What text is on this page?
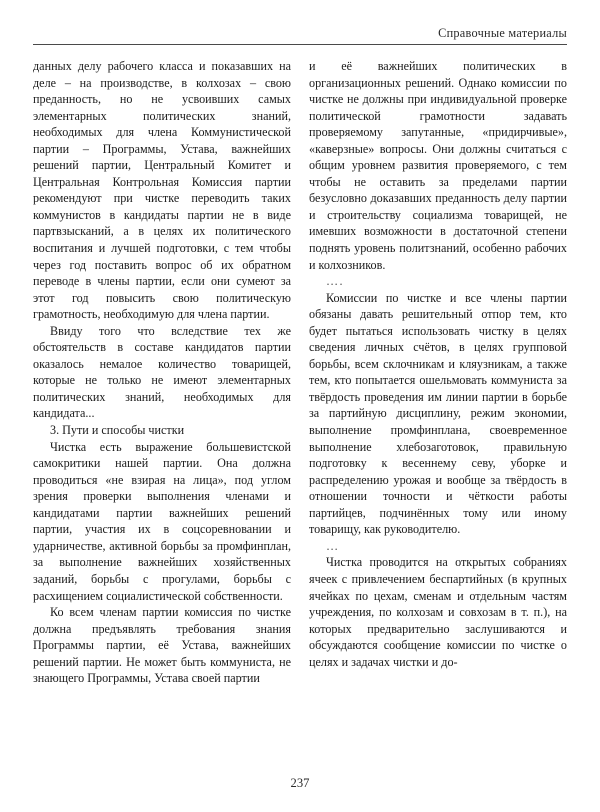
Справочные материалы

данных делу рабочего класса и показавших на деле – на производстве, в колхозах – свою преданность, но не усвоивших самых элементарных политических знаний, необходимых для члена Коммунистической партии – Программы, Устава, важнейших решений партии, Центральный Комитет и Центральная Контрольная Комиссия партии рекомендуют при чистке переводить таких коммунистов в кандидаты партии не в виде партвзысканий, а в целях их политического воспитания и лучшей подготовки, с тем чтобы через год поставить вопрос об их обратном переводе в члены партии, если они сумеют за этот год повысить свою политическую грамотность, необходимую для члена партии.

Ввиду того что вследствие тех же обстоятельств в составе кандидатов партии оказалось немалое количество товарищей, которые не только не имеют элементарных политических знаний, необходимых для кандидата...

3. Пути и способы чистки

Чистка есть выражение большевистской самокритики нашей партии. Она должна проводиться «не взирая на лица», под углом зрения проверки выполнения членами и кандидатами партии важнейших решений партии, участия их в соцсоревновании и ударничестве, активной борьбы за промфинплан, за выполнение важнейших хозяйственных заданий, борьбы с прогулами, борьбы с расхищением социалистической собственности.

Ко всем членам партии комиссия по чистке должна предъявлять требования знания Программы партии, её Устава, важнейших решений партии. Не может быть коммуниста, не знающего Программы, Устава своей партии

и её важнейших политических в организационных решений. Однако комиссии по чистке не должны при индивидуальной проверке политической грамотности задавать проверяемому запутанные, «придирчивые», «каверзные» вопросы. Они должны считаться с общим уровнем развития проверяемого, с тем чтобы не оставить за пределами партии безусловно доказавших преданность делу партии и строительству социализма товарищей, не имевших возможности в достаточной степени поднять уровень политзнаний, особенно рабочих и колхозников.

….

Комиссии по чистке и все члены партии обязаны давать решительный отпор тем, кто будет пытаться использовать чистку в целях сведения личных счётов, в целях групповой борьбы, всем склочникам и кляузникам, а также тем, кто попытается ошельмовать коммуниста за твёрдость проведения им линии партии в борьбе за партийную дисциплину, режим экономии, выполнение промфинплана, своевременное выполнение хлебозаготовок, правильную подготовку к весеннему севу, уборке и распределению урожая и вообще за твёрдость в отношении точности и чёткости работы партийцев, подчинённых тому или иному товарищу, как руководителю.

…

Чистка проводится на открытых собраниях ячеек с привлечением беспартийных (в крупных ячейках по цехам, сменам и отдельным частям учреждения, по колхозам и совхозам в т. п.), на которых предварительно заслушиваются и обсуждаются сообщение комиссии по чистке о целях и задачах чистки и до-

237
